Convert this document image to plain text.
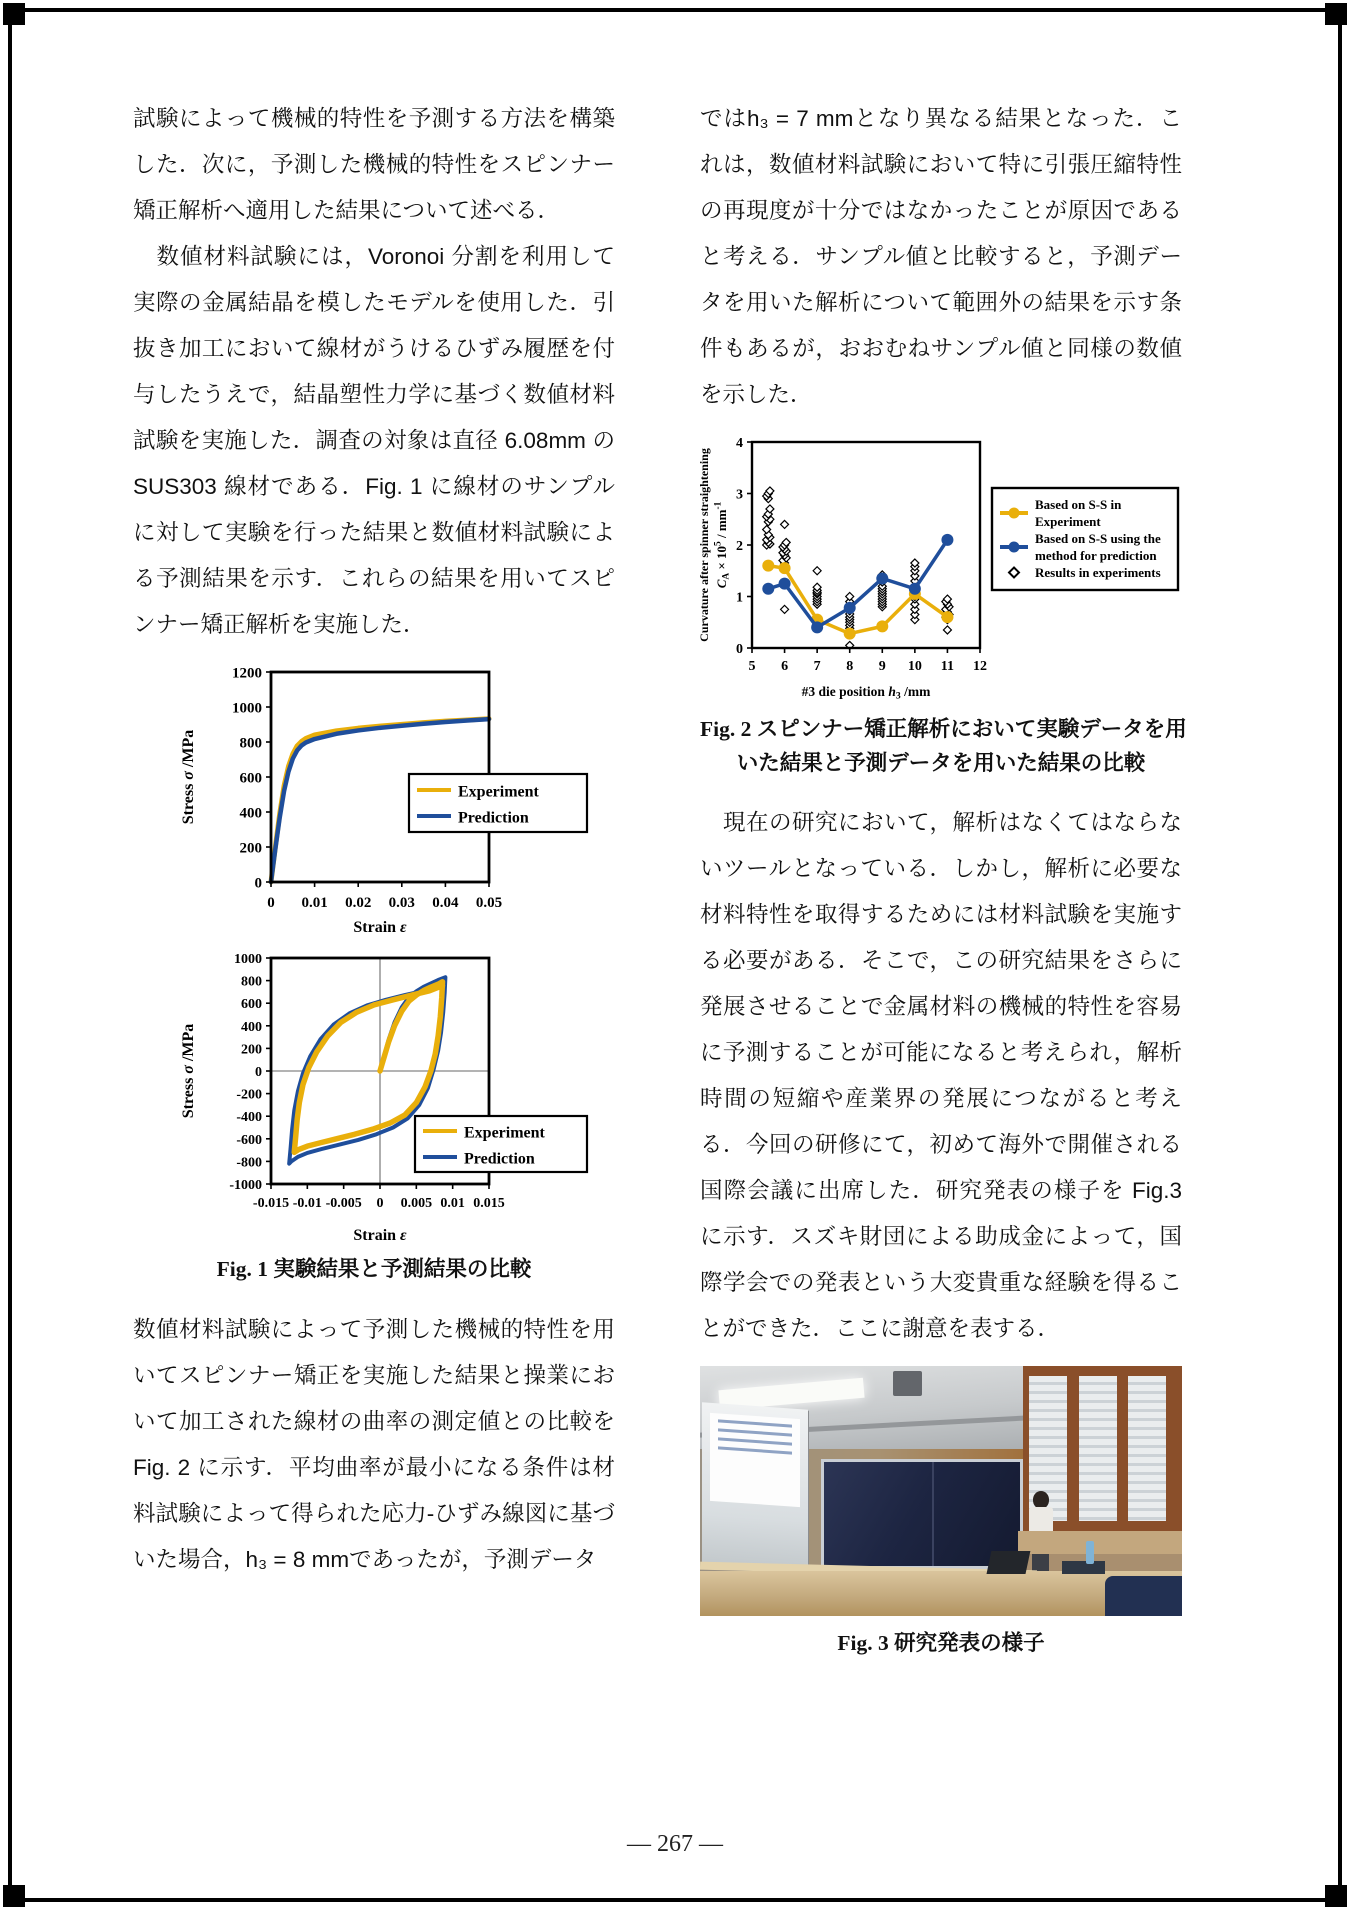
試験によって機械的特性を予測する方法を構築した．次に，予測した機械的特性をスピンナー矯正解析へ適用した結果について述べる．

　数値材料試験には，Voronoi 分割を利用して実際の金属結晶を模したモデルを使用した．引抜き加工において線材がうけるひずみ履歴を付与したうえで，結晶塑性力学に基づく数値材料試験を実施した．調査の対象は直径 6.08mm のSUS303 線材である．Fig. 1 に線材のサンプルに対して実験を行った結果と数値材料試験による予測結果を示す．これらの結果を用いてスピンナー矯正解析を実施した．

0 0.01 0.02 0.03 0.04 0.05
0
200
400
600
800
1000
1200
Strain ε
Stress σ /MPa
Experiment
Prediction
-0.015 -0.01 -0.005 0 0.005 0.01 0.015
-1000
-800
-600
-400
-200
0
200
400
600
800
1000
Strain ε
Stress σ /MPa
Experiment
Prediction
Fig. 1 実験結果と予測結果の比較

数値材料試験によって予測した機械的特性を用いてスピンナー矯正を実施した結果と操業において加工された線材の曲率の測定値との比較を Fig. 2 に示す．平均曲率が最小になる条件は材料試験によって得られた応力-ひずみ線図に基づいた場合，h₃ = 8 mmであったが，予測データ

ではh₃ = 7 mmとなり異なる結果となった．これは，数値材料試験において特に引張圧縮特性の再現度が十分ではなかったことが原因であると考える．サンプル値と比較すると，予測データを用いた解析について範囲外の結果を示す条件もあるが，おおむねサンプル値と同様の数値を示した．

5 6 7 8 9 10 11 12
0
1
2
3
4
#3 die position h3 /mm
Curvature after spinner straightening CA × $10^5 / mm^{-1}$	Based on S-S in
Experiment
Based on S-S using the
method for prediction
Results in experiments
Fig. 2 スピンナー矯正解析において実験データを用
いた結果と予測データを用いた結果の比較

　現在の研究において，解析はなくてはならないツールとなっている．しかし，解析に必要な材料特性を取得するためには材料試験を実施する必要がある．そこで，この研究結果をさらに発展させることで金属材料の機械的特性を容易に予測することが可能になると考えられ，解析時間の短縮や産業界の発展につながると考える．今回の研修にて，初めて海外で開催される国際会議に出席した．研究発表の様子を Fig.3 に示す．スズキ財団による助成金によって，国際学会での発表という大変貴重な経験を得ることができた．ここに謝意を表する．

Fig. 3 研究発表の様子
— 267 —
